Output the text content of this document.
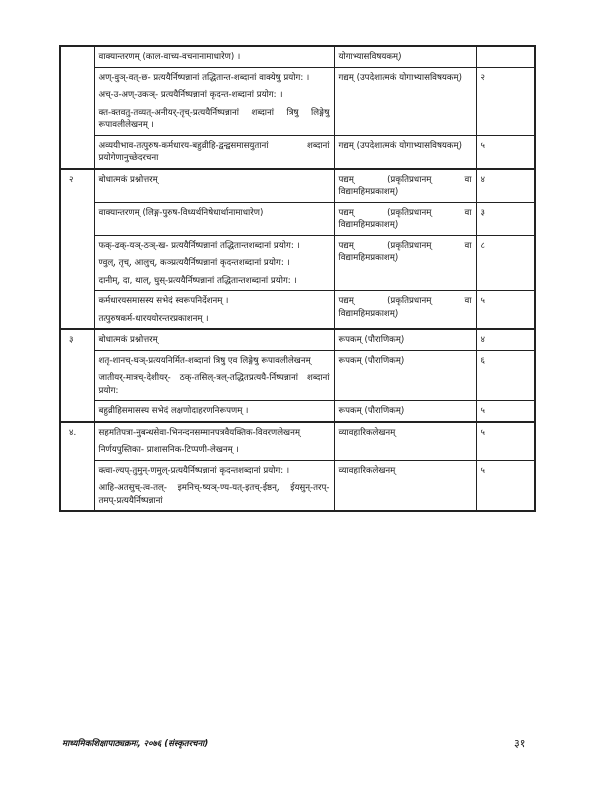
	वाक्यान्तरणम् (काल-वाच्य-वचनानामाधारेण) ।	योगाभ्यासविषयकम्)	

	अण्-वुञ्-वत्-छ- प्रत्ययैर्निष्पन्नानां तद्धितान्त-शब्दानां वाक्येषु प्रयोग: ।
अच्-उ-अण्-उकञ्- प्रत्ययैर्निष्पन्नानां कृदन्त-शब्दानां प्रयोग: ।
क्त-क्तवतु-तव्यत्-अनीयर्-तृच्-प्रत्ययैर्निष्पन्नानां शब्दानां त्रिषु लिङ्गेषु रूपावलीलेखनम् ।	गद्यम् (उपदेशात्मकं योगाभ्यासविषयकम्)	२

	अव्ययीभाव-तत्पुरुष-कर्मधारय-बहुव्रीहि-द्वन्द्वसमासयुतानां शब्दानां प्रयोगेणानुच्छेदरचना	गद्यम् (उपदेशात्मकं योगाभ्यासविषयकम्)	५
२	बोधात्मकं प्रश्नोत्तरम्	पद्यम् (प्रकृतिप्रधानम् वा विद्यामहिमप्रकाशम्)	४

	वाक्यान्तरणम् (लिङ्ग-पुरुष-विध्यर्थनिषेधार्थानामाधारेण)	पद्यम् (प्रकृतिप्रधानम् वा विद्यामहिमप्रकाशम्)	३

	फक्-ढक्-यञ्-ठञ्-ख- प्रत्ययैर्निष्पन्नानां तद्धितान्तशब्दानां प्रयोग: ।
ण्वुल्, तृच्, आलुच्, कञ्प्रत्ययैर्निष्पन्नानां कृदन्तशब्दानां प्रयोग: ।
दानीम्, दा, थाल्, घुस्-प्रत्ययैर्निष्पन्नानां तद्धितान्तशब्दानां प्रयोग: ।	पद्यम् (प्रकृतिप्रधानम् वा विद्यामहिमप्रकाशम्)	८

	कर्मधारयसमासस्य सभेदं स्वरूपनिर्देशनम् ।
तत्पुरुषकर्म-धारययोरन्तरप्रकाशनम् ।	पद्यम् (प्रकृतिप्रधानम् वा विद्यामहिमप्रकाशम्)	५
३	बोधात्मकं प्रश्नोत्तरम्	रूपकम् (पौराणिकम्)	४

	शतृ-शानच्-घञ्-प्रत्ययनिर्मित-शब्दानां त्रिषु एव लिङ्गेषु रूपावलीलेखनम्
जातीयर्-मात्रच्-देशीयर्- ठक्-तसिल्-त्रल्-तद्धितप्रत्ययै-र्निष्पन्नानां शब्दानां प्रयोग:	रूपकम् (पौराणिकम्)	६

	बहुव्रीहिसमासस्य सभेदं लक्षणोदाहरणनिरूपणम् ।	रूपकम् (पौराणिकम्)	५
४.	सहमतिपत्रा-नुबन्धसेवा-भिनन्दनसम्मानपत्रवैयक्तिक-विवरणलेखनम्
निर्णयपुस्तिका- प्राशासनिक-टिप्पणी-लेखनम् ।	व्यावहारिकलेखनम्	५

	क्त्वा-ल्यप्-तुमुन्-णमुल्-प्रत्ययैर्निष्पन्नानां कृदन्तशब्दानां प्रयोग: ।
आहि-अतसुच्-त्व-तल्- इमनिच्-ष्यञ्-ण्य-यत्-इतच्-ईष्ठन्, ईयसुन्-तरप्-तमप्-प्रत्ययैर्निष्पन्नानां	व्यावहारिकलेखनम्	५
माध्यमिकशिक्षापाठ्यक्रमः, २०७६ (संस्कृतरचना)	३१
